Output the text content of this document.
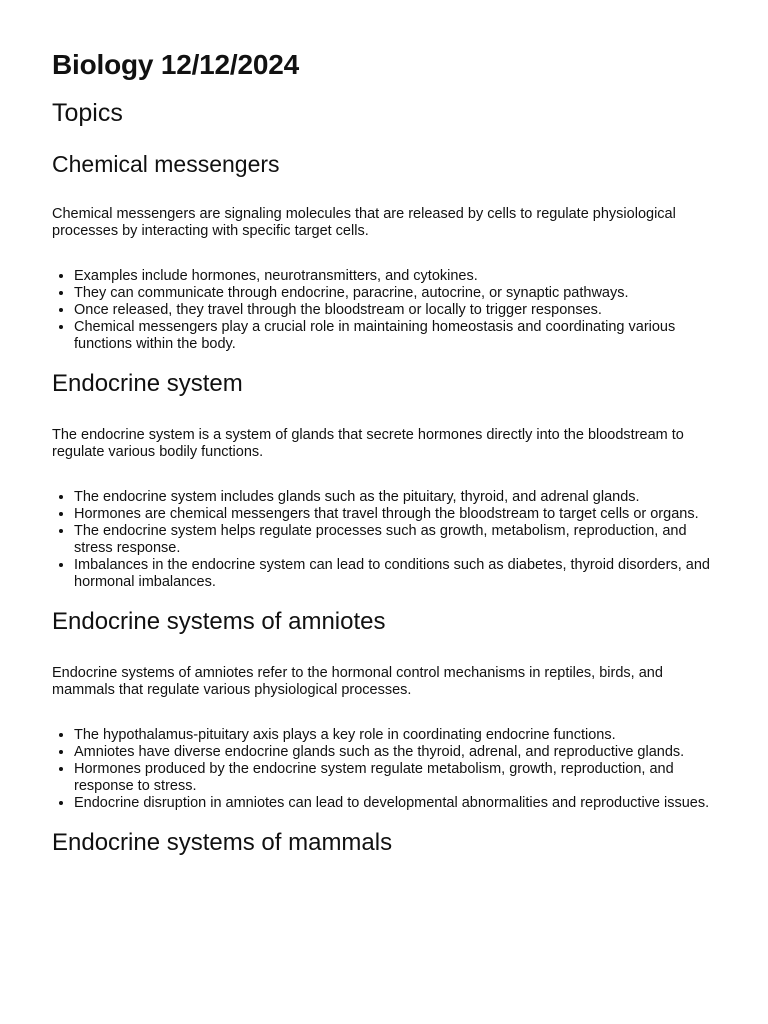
Biology 12/12/2024
Topics
Chemical messengers

Chemical messengers are signaling molecules that are released by cells to regulate physiological processes by interacting with specific target cells.

• Examples include hormones, neurotransmitters, and cytokines.
• They can communicate through endocrine, paracrine, autocrine, or synaptic pathways.
• Once released, they travel through the bloodstream or locally to trigger responses.
• Chemical messengers play a crucial role in maintaining homeostasis and coordinating various functions within the body.
Endocrine system

The endocrine system is a system of glands that secrete hormones directly into the bloodstream to regulate various bodily functions.

• The endocrine system includes glands such as the pituitary, thyroid, and adrenal glands.
• Hormones are chemical messengers that travel through the bloodstream to target cells or organs.
• The endocrine system helps regulate processes such as growth, metabolism, reproduction, and stress response.
• Imbalances in the endocrine system can lead to conditions such as diabetes, thyroid disorders, and hormonal imbalances.
Endocrine systems of amniotes

Endocrine systems of amniotes refer to the hormonal control mechanisms in reptiles, birds, and mammals that regulate various physiological processes.

• The hypothalamus-pituitary axis plays a key role in coordinating endocrine functions.
• Amniotes have diverse endocrine glands such as the thyroid, adrenal, and reproductive glands.
• Hormones produced by the endocrine system regulate metabolism, growth, reproduction, and response to stress.
• Endocrine disruption in amniotes can lead to developmental abnormalities and reproductive issues.
Endocrine systems of mammals
